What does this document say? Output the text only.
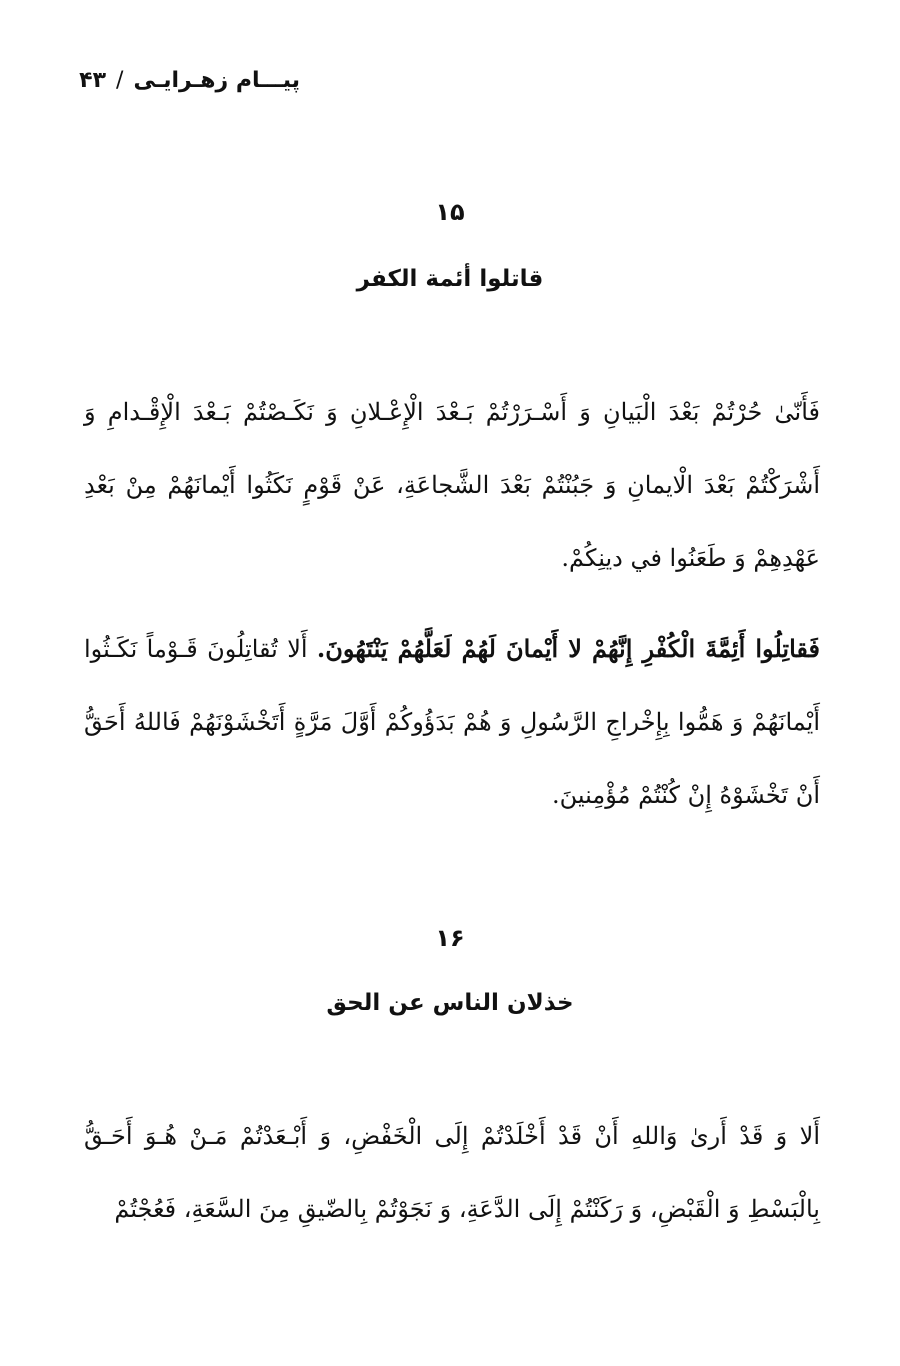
پیـــام زهـرایـی/۴۳
۱۵
قاتلوا أئمة الكفر
فَأَنّىٰ حُرْتُمْ بَعْدَ الْبَيانِ وَ أَسْـرَرْتُمْ بَـعْدَ الْإِعْـلانِ وَ نَكَـصْتُمْ بَـعْدَ الْإِقْـدامِ وَ أَشْرَكْتُمْ بَعْدَ الْايمانِ وَ جَبُنْتُمْ بَعْدَ الشَّجاعَةِ، عَنْ قَوْمٍ نَكَثُوا أَيْمانَهُمْ مِنْ بَعْدِ عَهْدِهِمْ وَ طَعَنُوا في دينِكُمْ.
فَقاتِلُوا أَئِمَّةَ الْكُفْرِ إِنَّهُمْ لا أَيْمانَ لَهُمْ لَعَلَّهُمْ يَنْتَهُونَ. أَلا تُقاتِلُونَ قَـوْماً نَكَـثُوا أَيْمانَهُمْ وَ هَمُّوا بِإِخْراجِ الرَّسُولِ وَ هُمْ بَدَؤُوكُمْ أَوَّلَ مَرَّةٍ أَتَخْشَوْنَهُمْ فَاللهُ أَحَقُّ أَنْ تَخْشَوْهُ إِنْ كُنْتُمْ مُؤْمِنينَ.
۱۶
خذلان الناس عن الحق
أَلا وَ قَدْ أَرىٰ وَاللهِ أَنْ قَدْ أَخْلَدْتُمْ إِلَى الْخَفْضِ، وَ أَبْـعَدْتُمْ مَـنْ هُـوَ أَحَـقُّ بِالْبَسْطِ وَ الْقَبْضِ، وَ رَكَنْتُمْ إِلَى الدَّعَةِ، وَ نَجَوْتُمْ بِالضّيقِ مِنَ السَّعَةِ، فَعُجْتُمْ
